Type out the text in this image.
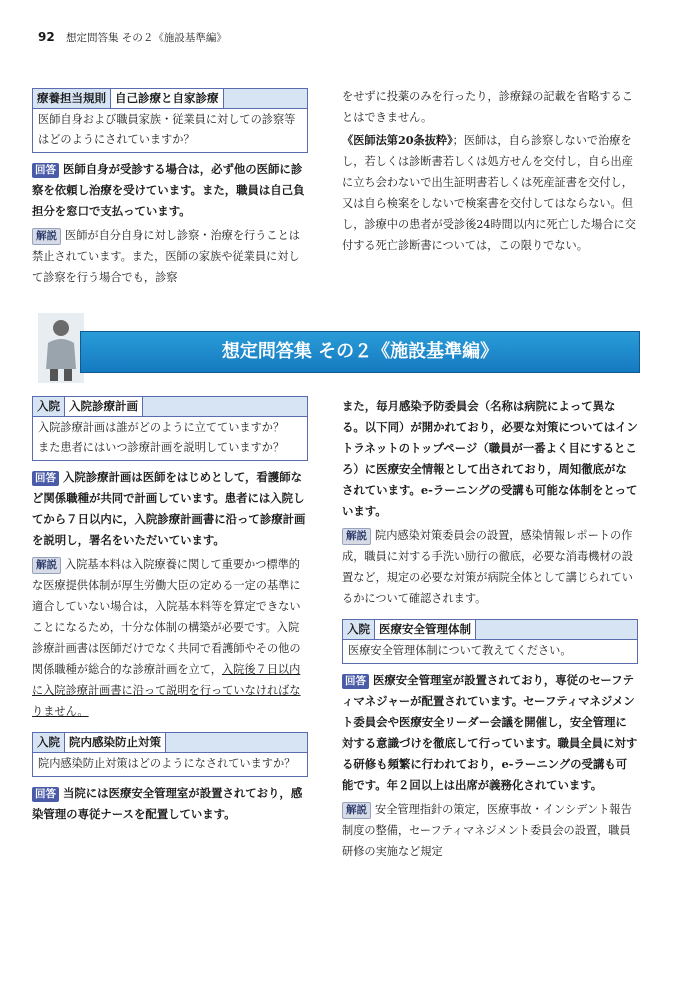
92 想定問答集 その２《施設基準編》
療養担当規則 自己診療と自家診療
医師自身および職員家族・従業員に対しての診察等はどのようにされていますか？
回答 医師自身が受診する場合は，必ず他の医師に診察を依頼し治療を受けています。また，職員は自己負担分を窓口で支払っています。
解説 医師が自分自身に対し診察・治療を行うことは禁止されています。また，医師の家族や従業員に対して診察を行う場合でも，診察
をせずに投薬のみを行ったり，診療録の記載を省略することはできません。
《医師法第20条抜粋》；医師は，自ら診察しないで治療をし，若しくは診断書若しくは処方せんを交付し，自ら出産に立ち会わないで出生証明書若しくは死産証書を交付し，又は自ら検案をしないで検案書を交付してはならない。但し，診療中の患者が受診後24時間以内に死亡した場合に交付する死亡診断書については，この限りでない。
想定問答集 その２《施設基準編》
入院 入院診療計画
入院診療計画は誰がどのように立てていますか？　また患者にはいつ診療計画を説明していますか？
回答 入院診療計画は医師をはじめとして，看護師など関係職種が共同で計画しています。患者には入院してから７日以内に，入院診療計画書に沿って診療計画を説明し，署名をいただいています。
解説 入院基本料は入院療養に関して重要かつ標準的な医療提供体制が厚生労働大臣の定める一定の基準に適合していない場合は，入院基本料等を算定できないことになるため，十分な体制の構築が必要です。入院診療計画書は医師だけでなく共同で看護師やその他の関係職種が総合的な診療計画を立て，入院後７日以内に入院診療計画書に沿って説明を行っていなければなりません。
入院 院内感染防止対策
院内感染防止対策はどのようになされていますか？
回答 当院には医療安全管理室が設置されており，感染管理の専従ナースを配置しています。
また，毎月感染予防委員会（名称は病院によって異なる。以下同）が開かれており，必要な対策についてはイントラネットのトップページ（職員が一番よく目にするところ）に医療安全情報として出されており，周知徹底がなされています。e-ラーニングの受講も可能な体制をとっています。
解説 院内感染対策委員会の設置，感染情報レポートの作成，職員に対する手洗い励行の徹底，必要な消毒機材の設置など，規定の必要な対策が病院全体として講じられているかについて確認されます。
入院 医療安全管理体制
医療安全管理体制について教えてください。
回答 医療安全管理室が設置されており，専従のセーフティマネジャーが配置されています。セーフティマネジメント委員会や医療安全リーダー会議を開催し，安全管理に対する意識づけを徹底して行っています。職員全員に対する研修も頻繁に行われており，e-ラーニングの受講も可能です。年２回以上は出席が義務化されています。
解説 安全管理指針の策定，医療事故・インシデント報告制度の整備，セーフティマネジメント委員会の設置，職員研修の実施など規定
